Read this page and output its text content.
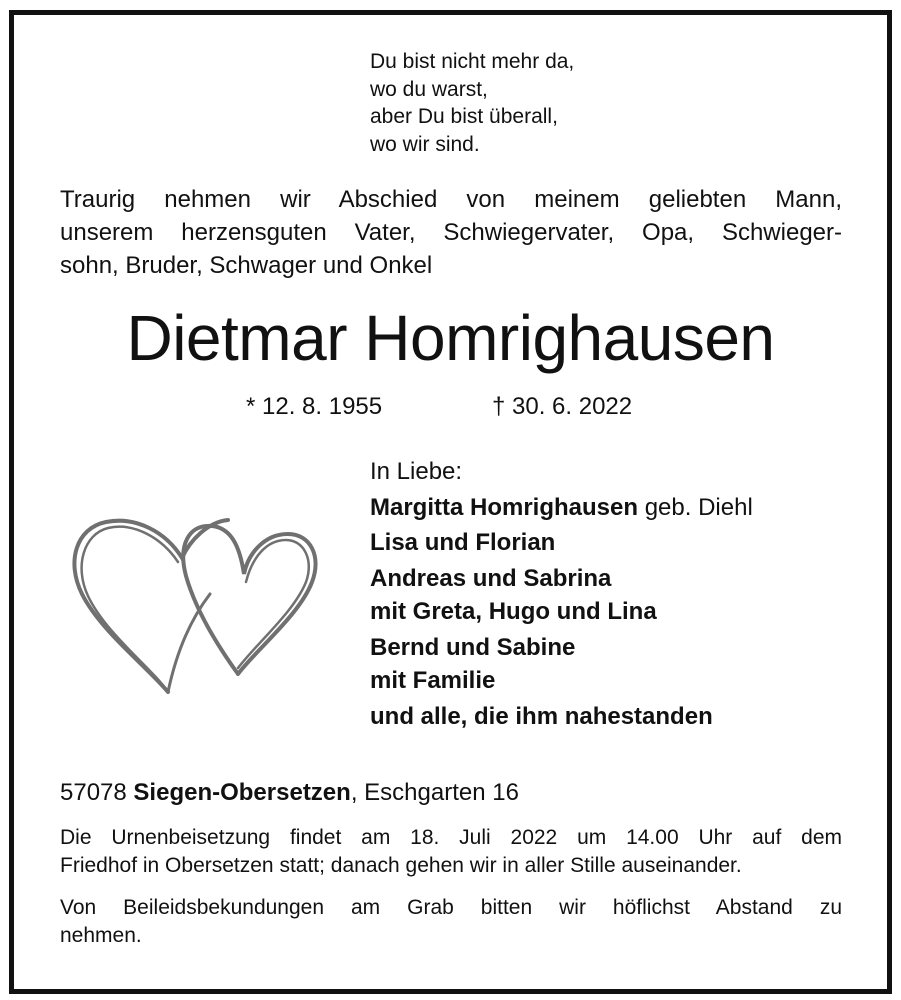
Du bist nicht mehr da,
wo du warst,
aber Du bist überall,
wo wir sind.
Traurig nehmen wir Abschied von meinem geliebten Mann,
unserem herzensguten Vater, Schwiegervater, Opa, Schwieger-
sohn, Bruder, Schwager und Onkel
Dietmar Homrighausen
* 12. 8. 1955	† 30. 6. 2022
In Liebe:
Margitta Homrighausen geb. Diehl
Lisa und Florian
Andreas und Sabrina
mit Greta, Hugo und Lina
Bernd und Sabine
mit Familie
und alle, die ihm nahestanden
57078 Siegen-Obersetzen, Eschgarten 16
Die Urnenbeisetzung findet am 18. Juli 2022 um 14.00 Uhr auf dem
Friedhof in Obersetzen statt; danach gehen wir in aller Stille auseinander.
Von Beileidsbekundungen am Grab bitten wir höflichst Abstand zu
nehmen.
